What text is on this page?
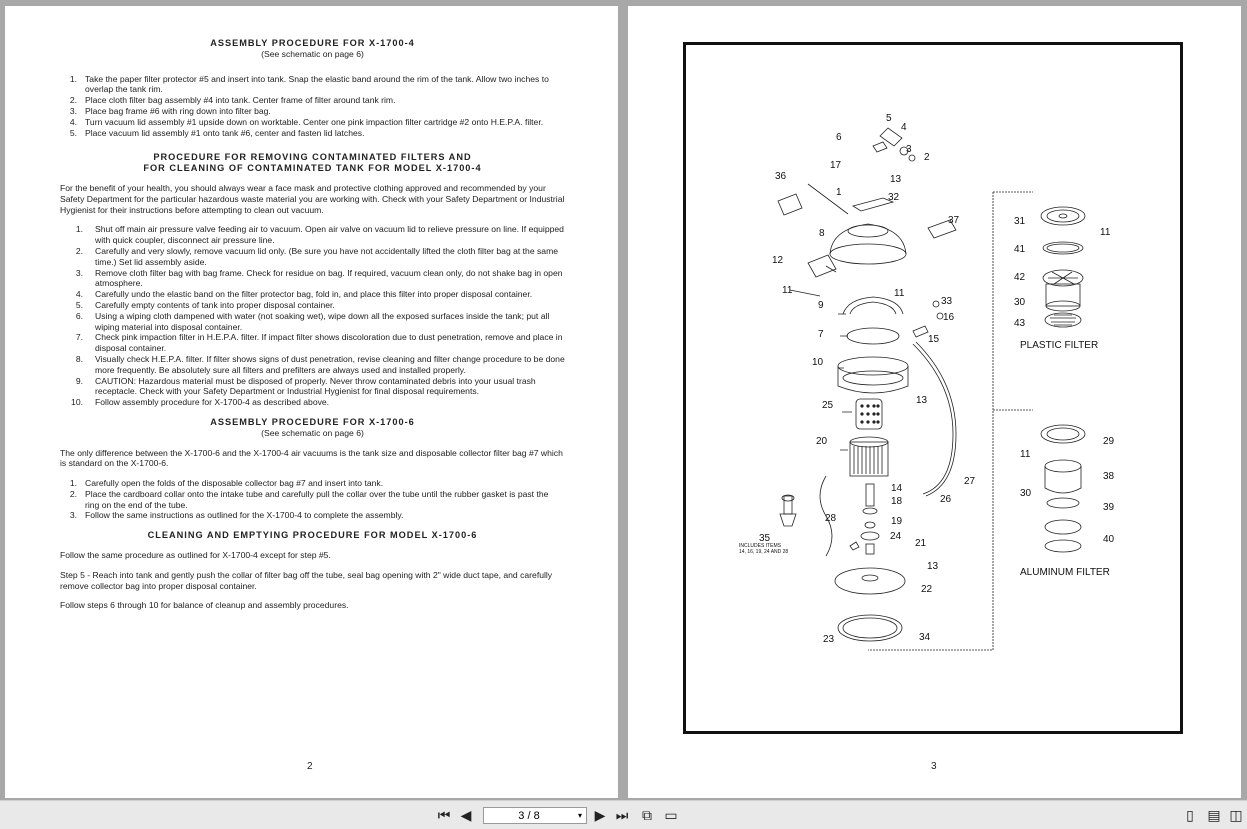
ASSEMBLY PROCEDURE FOR X-1700-4
(See schematic on page 6)
1. Take the paper filter protector #5 and insert into tank. Snap the elastic band around the rim of the tank. Allow two inches to overlap the tank rim.
2. Place cloth filter bag assembly #4 into tank. Center frame of filter around tank rim.
3. Place bag frame #6 with ring down into filter bag.
4. Turn vacuum lid assembly #1 upside down on worktable. Center one pink impaction filter cartridge #2 onto H.E.P.A. filter.
5. Place vacuum lid assembly #1 onto tank #6, center and fasten lid latches.
PROCEDURE FOR REMOVING CONTAMINATED FILTERS AND
FOR CLEANING OF CONTAMINATED TANK FOR MODEL X-1700-4

For the benefit of your health, you should always wear a face mask and protective clothing approved and recommended by your Safety Department for the particular hazardous waste material you are working with. Check with your Safety Department or Industrial Hygienist for their instructions before attempting to clean out vacuum.

1.	Shut off main air pressure valve feeding air to vacuum. Open air valve on vacuum lid to relieve pressure on line. If equipped with quick coupler, disconnect air pressure line.
2.	Carefully and very slowly, remove vacuum lid only. (Be sure you have not accidentally lifted the cloth filter bag at the same time.) Set lid assembly aside.
3.	Remove cloth filter bag with bag frame. Check for residue on bag. If required, vacuum clean only, do not shake bag in open atmosphere.
4.	Carefully undo the elastic band on the filter protector bag, fold in, and place this filter into proper disposal container.
5.	Carefully empty contents of tank into proper disposal container.
6.	Using a wiping cloth dampened with water (not soaking wet), wipe down all the exposed surfaces inside the tank; put all wiping material into disposal container.
7.	Check pink impaction filter in H.E.P.A. filter. If impact filter shows discoloration due to dust penetration, remove and place in disposal container.
8.	Visually check H.E.P.A. filter. If filter shows signs of dust penetration, revise cleaning and filter change procedure to be done more frequently. Be absolutely sure all filters and prefilters are always used and installed properly.
9.	CAUTION: Hazardous material must be disposed of properly. Never throw contaminated debris into your usual trash receptacle. Check with your Safety Department or Industrial Hygienist for final disposal requirements.
10.	Follow assembly procedure for X-1700-4 as described above.
ASSEMBLY PROCEDURE FOR X-1700-6
(See schematic on page 6)

The only difference between the X-1700-6 and the X-1700-4 air vacuums is the tank size and disposable collector filter bag #7 which is standard on the X-1700-6.

1. Carefully open the folds of the disposable collector bag #7 and insert into tank.
2. Place the cardboard collar onto the intake tube and carefully pull the collar over the tube until the rubber gasket is past the ring on the end of the tube.
3. Follow the same instructions as outlined for the X-1700-4 to complete the assembly.
CLEANING AND EMPTYING PROCEDURE FOR MODEL X-1700-6

Follow the same procedure as outlined for X-1700-4 except for step #5.

Step 5 - Reach into tank and gently push the collar of filter bag off the tube, seal bag opening with 2" wide duct tape, and carefully remove collector bag into proper disposal container.

Follow steps 6 through 10 for balance of cleanup and assembly procedures.

2
5
4
6
3
2
17
13
36
1	32
37
8
12
11	11
9	33
16
7	15
10
13
25
20
27
14
18	26
28	19
24
21
35
INCLUDES ITEMS
14, 16, 19, 24 AND 28
13
22
23	34
31
11
41
42
30
43
PLASTIC FILTER
11
29
38
30
39
40
ALUMINUM FILTER
3
⏮ ◀	3 / 8	▾ ▶ ⏭ ⧉ ▭	▯ ▤ ◫
